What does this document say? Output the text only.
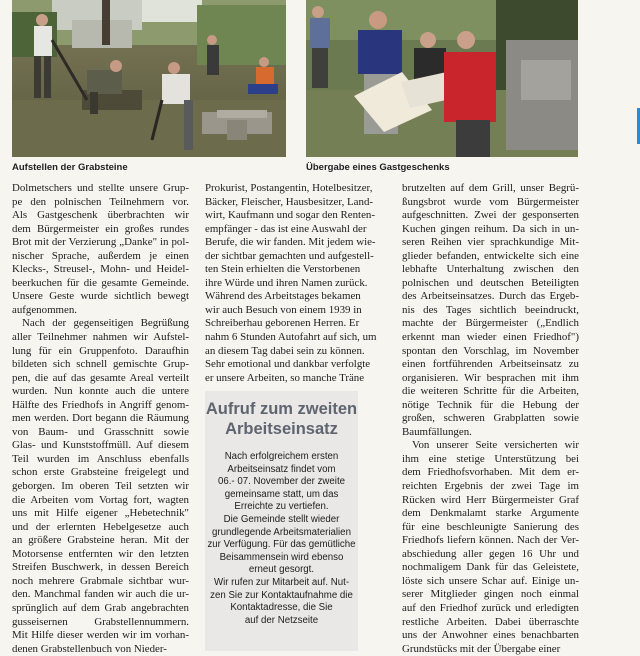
Aufstellen der Grabsteine	Übergabe eines Gastgeschenks
Dolmetschers und stellte unsere Grup-
pe den polnischen Teilnehmern vor.
Als Gastgeschenk überbrachten wir
dem Bürgermeister ein großes rundes
Brot mit der Verzierung „Danke" in pol-
nischer Sprache, außerdem je einen
Klecks-, Streusel-, Mohn- und Heidel-
beerkuchen für die gesamte Gemeinde.
Unsere Geste wurde sichtlich bewegt
aufgenommen.
Nach der gegenseitigen Begrüßung
aller Teilnehmer nahmen wir Aufstel-
lung für ein Gruppenfoto. Daraufhin
bildeten sich schnell gemischte Grup-
pen, die auf das gesamte Areal verteilt
wurden. Nun konnte auch die untere
Hälfte des Friedhofs in Angriff genom-
men werden. Dort begann die Räumung
von Baum- und Grasschnitt sowie
Glas- und Kunststoffmüll. Auf diesem
Teil wurden im Anschluss ebenfalls
schon erste Grabsteine freigelegt und
geborgen. Im oberen Teil setzten wir
die Arbeiten vom Vortag fort, wagten
uns mit Hilfe eigener „Hebetechnik"
und der erlernten Hebelgesetze auch
an größere Grabsteine heran. Mit der
Motorsense entfernten wir den letzten
Streifen Buschwerk, in dessen Bereich
noch mehrere Grabmale sichtbar wur-
den. Manchmal fanden wir auch die ur-
sprünglich auf dem Grab angebrachten
gusseisernen Grabstellennummern.
Mit Hilfe dieser werden wir im vorhan-
denen Grabstellenbuch von Nieder-
Prokurist, Postangentin, Hotelbesitzer,
Bäcker, Fleischer, Hausbesitzer, Land-
wirt, Kaufmann und sogar den Renten-
empfänger - das ist eine Auswahl der
Berufe, die wir fanden. Mit jedem wie-
der sichtbar gemachten und aufgestell-
ten Stein erhielten die Verstorbenen
ihre Würde und ihren Namen zurück.
Während des Arbeitstages bekamen
wir auch Besuch von einem 1939 in
Schreiberhau geborenen Herren. Er
nahm 6 Stunden Autofahrt auf sich, um
an diesem Tag dabei sein zu können.
Sehr emotional und dankbar verfolgte
er unsere Arbeiten, so manche Träne
Aufruf zum zweiten
Arbeitseinsatz
Nach erfolgreichem ersten
Arbeitseinsatz findet vom
06.- 07. November der zweite
gemeinsame statt, um das
Erreichte zu vertiefen.
Die Gemeinde stellt wieder
grundlegende Arbeitsmaterialien
zur Verfügung. Für das gemütliche
Beisammensein wird ebenso
erneut gesorgt.
Wir rufen zur Mitarbeit auf. Nut-
zen Sie zur Kontaktaufnahme die
Kontaktadresse, die Sie
auf der Netzseite
brutzelten auf dem Grill, unser Begrü-
ßungsbrot wurde vom Bürgermeister
aufgeschnitten. Zwei der gesponserten
Kuchen gingen reihum. Da sich in un-
seren Reihen vier sprachkundige Mit-
glieder befanden, entwickelte sich eine
lebhafte Unterhaltung zwischen den
polnischen und deutschen Beteiligten
des Arbeitseinsatzes. Durch das Ergeb-
nis des Tages sichtlich beeindruckt,
machte der Bürgermeister („Endlich
erkennt man wieder einen Friedhof")
spontan den Vorschlag, im November
einen fortführenden Arbeitseinsatz zu
organisieren. Wir besprachen mit ihm
die weiteren Schritte für die Arbeiten,
nötige Technik für die Hebung der
großen, schweren Grabplatten sowie
Baumfällungen.
Von unserer Seite versicherten wir
ihm eine stetige Unterstützung bei
dem Friedhofsvorhaben. Mit dem er-
reichten Ergebnis der zwei Tage im
Rücken wird Herr Bürgermeister Graf
dem Denkmalamt starke Argumente
für eine beschleunigte Sanierung des
Friedhofs liefern können. Nach der Ver-
abschiedung aller gegen 16 Uhr und
nochmaligem Dank für das Geleistete,
löste sich unsere Schar auf. Einige un-
serer Mitglieder gingen noch einmal
auf den Friedhof zurück und erledigten
restliche Arbeiten. Dabei überraschte
uns der Anwohner eines benachbarten
Grundstücks mit der Übergabe einer
